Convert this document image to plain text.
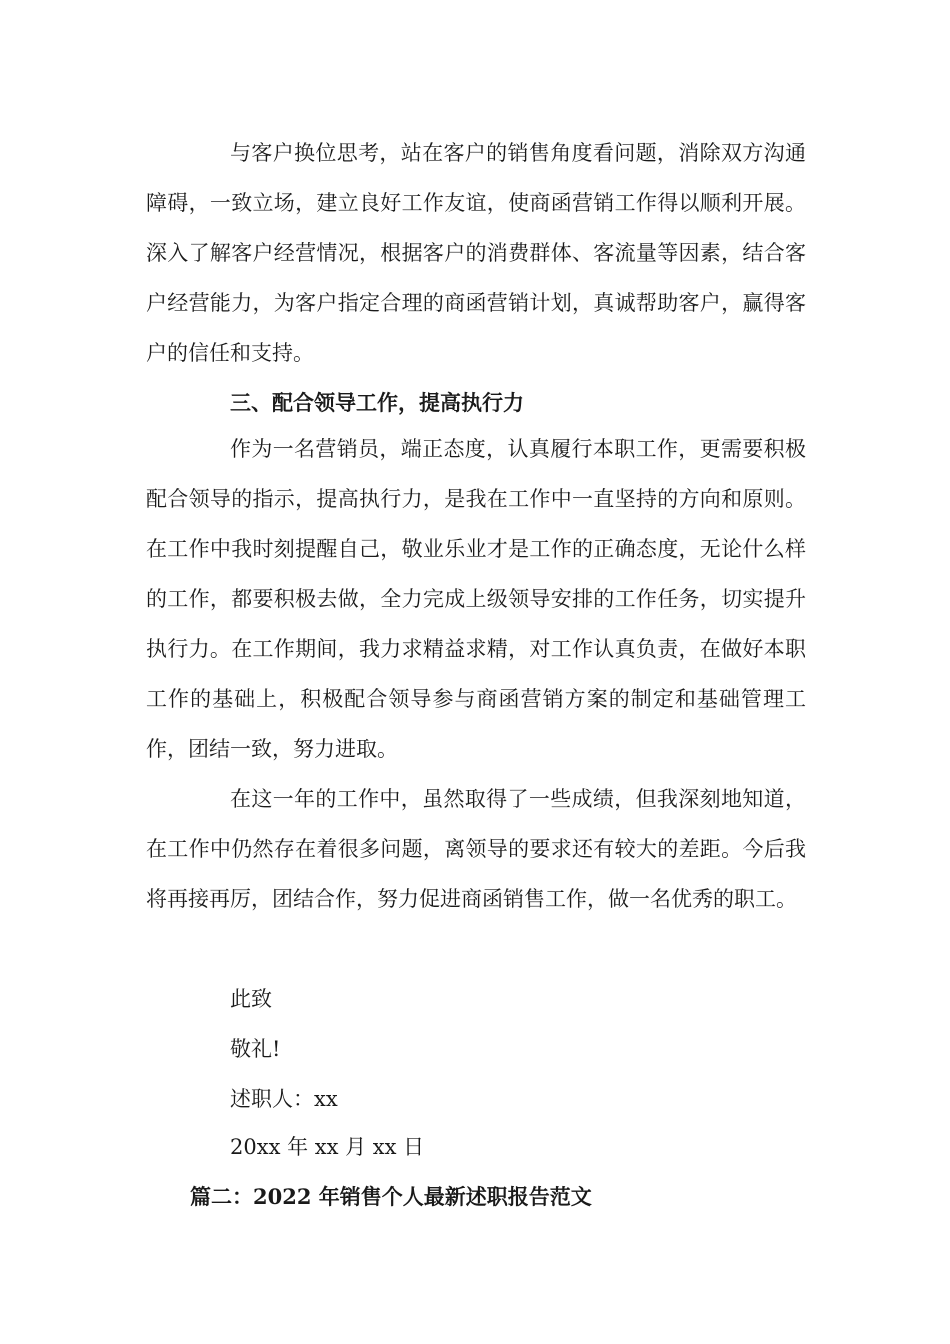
与客户换位思考，站在客户的销售角度看问题，消除双方沟通障碍，一致立场，建立良好工作友谊，使商函营销工作得以顺利开展。深入了解客户经营情况，根据客户的消费群体、客流量等因素，结合客户经营能力，为客户指定合理的商函营销计划，真诚帮助客户，赢得客户的信任和支持。

三、配合领导工作，提高执行力

作为一名营销员，端正态度，认真履行本职工作，更需要积极配合领导的指示，提高执行力，是我在工作中一直坚持的方向和原则。在工作中我时刻提醒自己，敬业乐业才是工作的正确态度，无论什么样的工作，都要积极去做，全力完成上级领导安排的工作任务，切实提升执行力。在工作期间，我力求精益求精，对工作认真负责，在做好本职工作的基础上，积极配合领导参与商函营销方案的制定和基础管理工作，团结一致，努力进取。

在这一年的工作中，虽然取得了一些成绩，但我深刻地知道，在工作中仍然存在着很多问题，离领导的要求还有较大的差距。今后我将再接再厉，团结合作，努力促进商函销售工作，做一名优秀的职工。

此致

敬礼!

述职人：xx

20xx 年 xx 月 xx 日

篇二：2022 年销售个人最新述职报告范文
